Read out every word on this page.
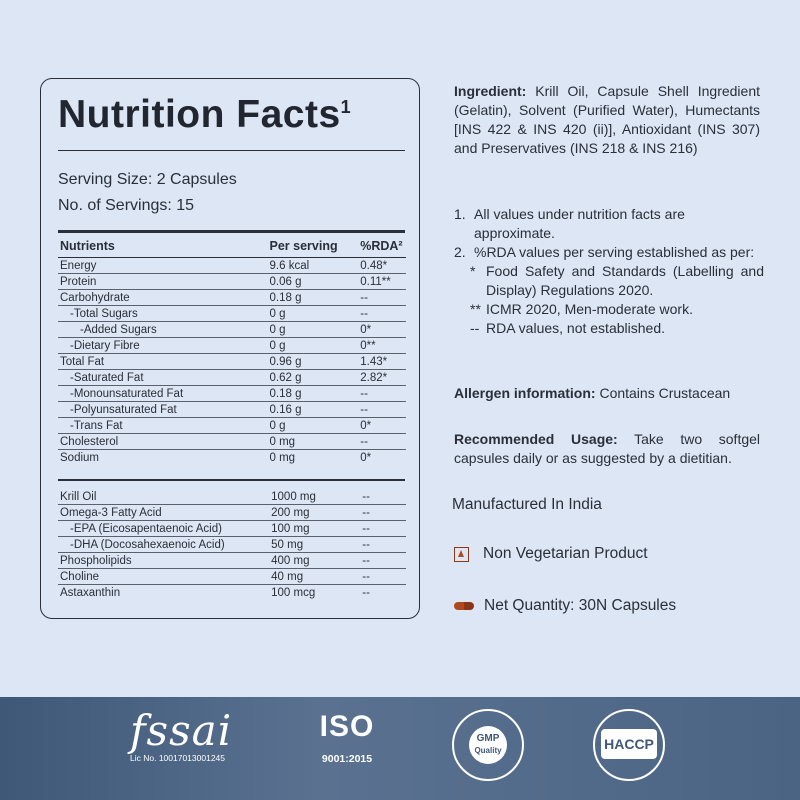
Nutrition Facts$^1$
Serving Size: 2 Capsules
No. of Servings: 15
Nutrients	Per serving	%RDA²
Energy	9.6 kcal	0.48*
Protein	0.06 g	0.11**
Carbohydrate	0.18 g	--
-Total Sugars	0 g	--
-Added Sugars	0 g	0*
-Dietary Fibre	0 g	0**
Total Fat	0.96 g	1.43*
-Saturated Fat	0.62 g	2.82*
-Monounsaturated Fat	0.18 g	--
-Polyunsaturated Fat	0.16 g	--
-Trans Fat	0 g	0*
Cholesterol	0 mg	--
Sodium	0 mg	0*
Krill Oil	1000 mg	--
Omega-3 Fatty Acid	200 mg	--
-EPA (Eicosapentaenoic Acid)	100 mg	--
-DHA (Docosahexaenoic Acid)	50 mg	--
Phospholipids	400 mg	--
Choline	40 mg	--
Astaxanthin	100 mcg	--
Ingredient: Krill Oil, Capsule Shell Ingredient (Gelatin), Solvent (Purified Water), Humectants [INS 422 & INS 420 (ii)], Antioxidant (INS 307) and Preservatives (INS 218 & INS 216)
1. All values under nutrition facts are approximate.
2. %RDA values per serving established as per:
* Food Safety and Standards (Labelling and Display) Regulations 2020.
** ICMR 2020, Men-moderate work.
-- RDA values, not established.
Allergen information: Contains Crustacean
Recommended Usage: Take two softgel capsules daily or as suggested by a dietitian.
Manufactured In India
Non Vegetarian Product
Net Quantity: 30N Capsules
fssai
Lic No. 10017013001245
ISO
9001:2015
GMP
Quality	HACCP
